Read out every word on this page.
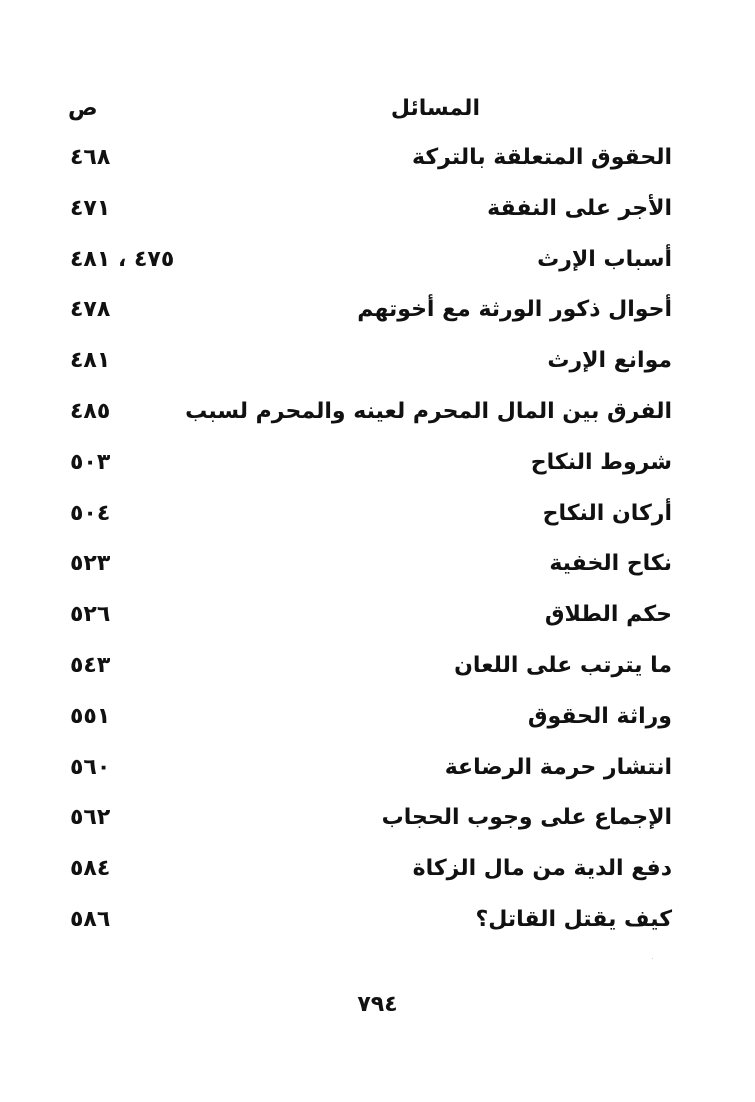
المسائل
ص
الحقوق المتعلقة بالتركة
٤٦٨
الأجر على النفقة
٤٧١
أسباب الإرث
٤٧٥ ، ٤٨١
أحوال ذكور الورثة مع أخوتهم
٤٧٨
موانع الإرث
٤٨١
الفرق بين المال المحرم لعينه والمحرم لسبب
٤٨٥
شروط النكاح
٥٠٣
أركان النكاح
٥٠٤
نكاح الخفية
٥٢٣
حكم الطلاق
٥٢٦
ما يترتب على اللعان
٥٤٣
وراثة الحقوق
٥٥١
انتشار حرمة الرضاعة
٥٦٠
الإجماع على وجوب الحجاب
٥٦٢
دفع الدية من مال الزكاة
٥٨٤
كيف يقتل القاتل؟
٥٨٦
٧٩٤
